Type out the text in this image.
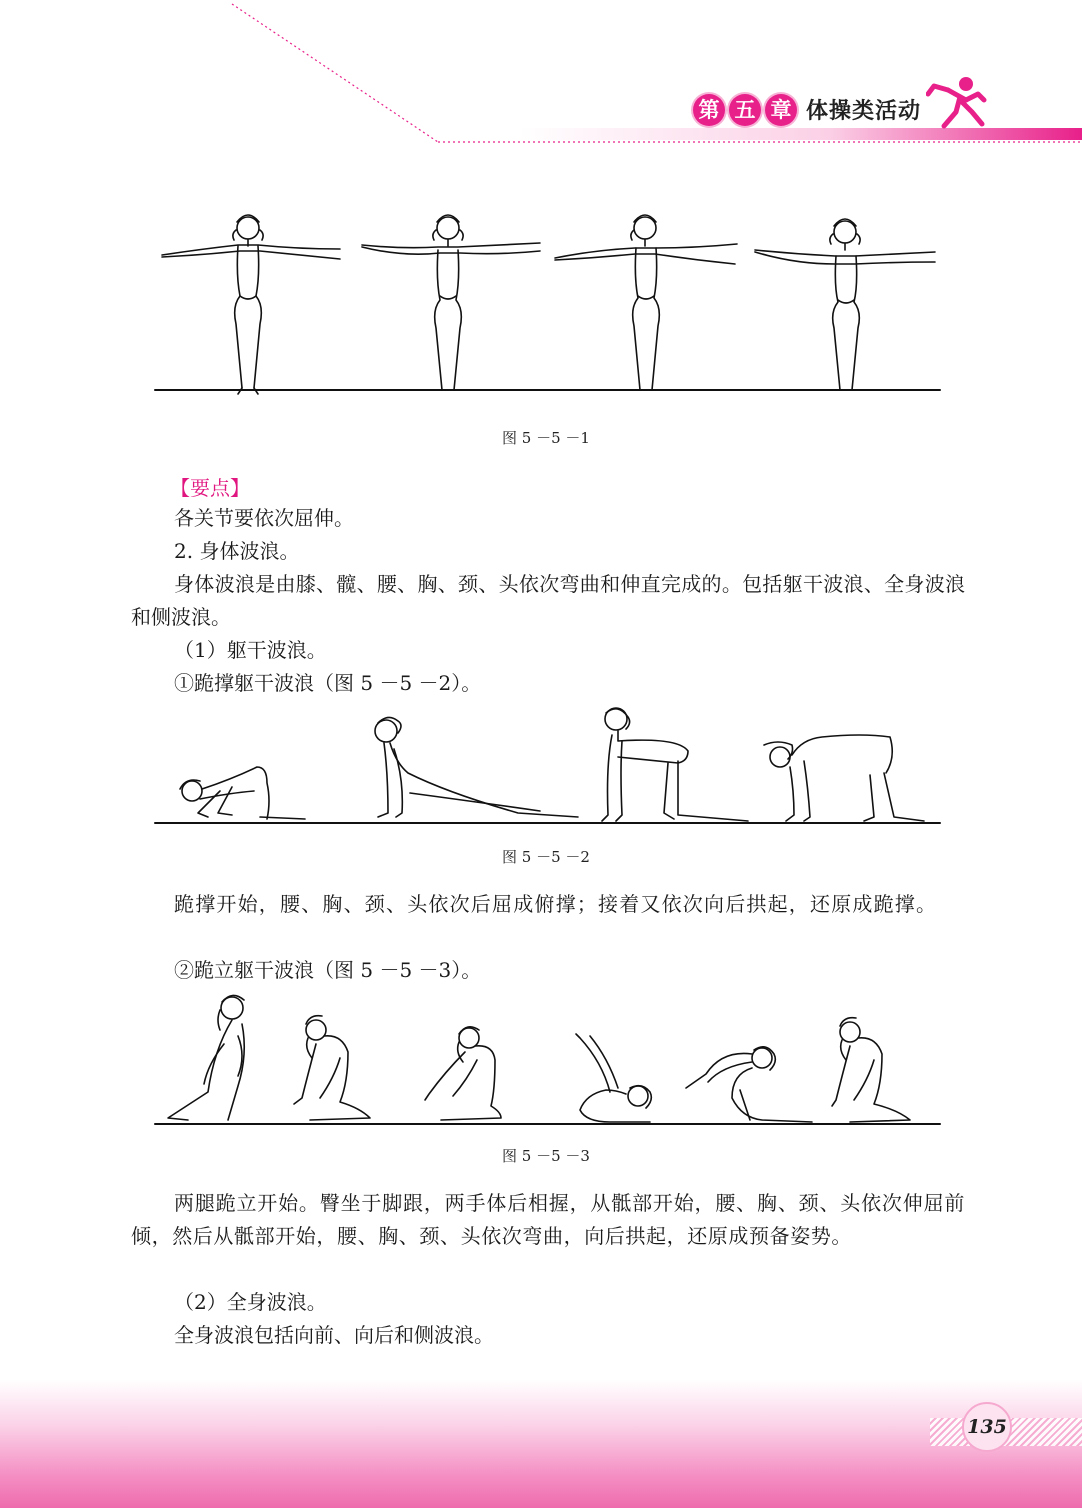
第 五 章 体操类活动
图 5 －5 －1
【要点】

各关节要依次屈伸。

2. 身体波浪。

身体波浪是由膝、髋、腰、胸、颈、头依次弯曲和伸直完成的。包括躯干波浪、全身波浪和侧波浪。

（1）躯干波浪。

①跪撑躯干波浪（图 5 －5 －2）。

图 5 －5 －2

跪撑开始，腰、胸、颈、头依次后屈成俯撑；接着又依次向后拱起，还原成跪撑。

②跪立躯干波浪（图 5 －5 －3）。

图 5 －5 －3

两腿跪立开始。臀坐于脚跟，两手体后相握，从骶部开始，腰、胸、颈、头依次伸屈前倾，然后从骶部开始，腰、胸、颈、头依次弯曲，向后拱起，还原成预备姿势。

（2）全身波浪。

全身波浪包括向前、向后和侧波浪。

135
